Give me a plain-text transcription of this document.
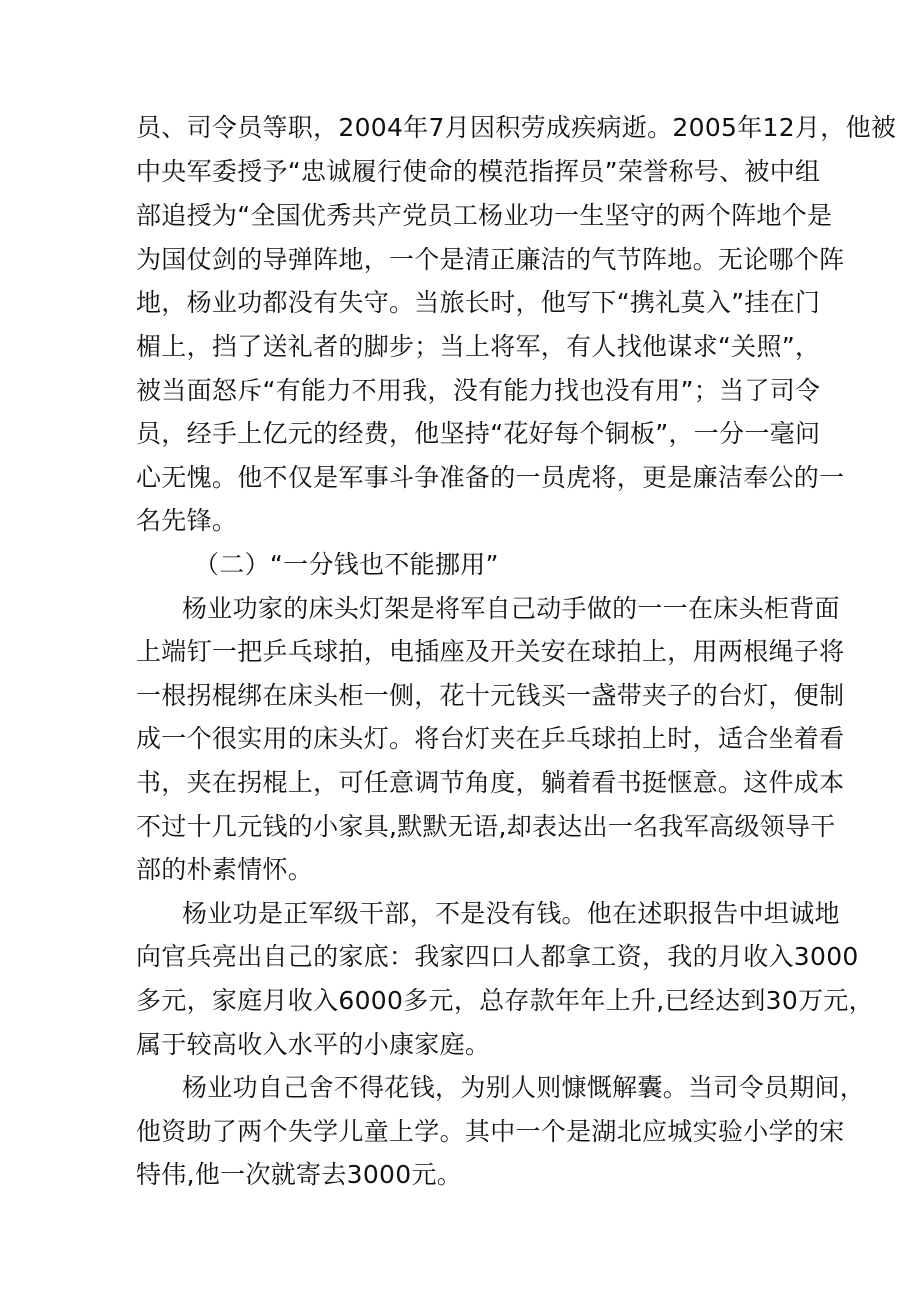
员、司令员等职，2004年7月因积劳成疾病逝。2005年12月，他被
中央军委授予“忠诚履行使命的模范指挥员”荣誉称号、被中组
部追授为“全国优秀共产党员工杨业功一生坚守的两个阵地个是
为国仗剑的导弹阵地，一个是清正廉洁的气节阵地。无论哪个阵
地，杨业功都没有失守。当旅长时，他写下“携礼莫入”挂在门
楣上，挡了送礼者的脚步；当上将军，有人找他谋求“关照”，
被当面怒斥“有能力不用我，没有能力找也没有用”；当了司令
员，经手上亿元的经费，他坚持“花好每个铜板”，一分一毫问
心无愧。他不仅是军事斗争准备的一员虎将，更是廉洁奉公的一
名先锋。
（二）“一分钱也不能挪用”
杨业功家的床头灯架是将军自己动手做的一一在床头柜背面
上端钉一把乒乓球拍，电插座及开关安在球拍上，用两根绳子将
一根拐棍绑在床头柜一侧，花十元钱买一盏带夹子的台灯，便制
成一个很实用的床头灯。将台灯夹在乒乓球拍上时，适合坐着看
书，夹在拐棍上，可任意调节角度，躺着看书挺惬意。这件成本
不过十几元钱的小家具,默默无语,却表达出一名我军高级领导干
部的朴素情怀。
杨业功是正军级干部，不是没有钱。他在述职报告中坦诚地
向官兵亮出自己的家底：我家四口人都拿工资，我的月收入3000
多元，家庭月收入6000多元，总存款年年上升,已经达到30万元，
属于较高收入水平的小康家庭。
杨业功自己舍不得花钱，为别人则慷慨解囊。当司令员期间，
他资助了两个失学儿童上学。其中一个是湖北应城实验小学的宋
特伟,他一次就寄去3000元。
